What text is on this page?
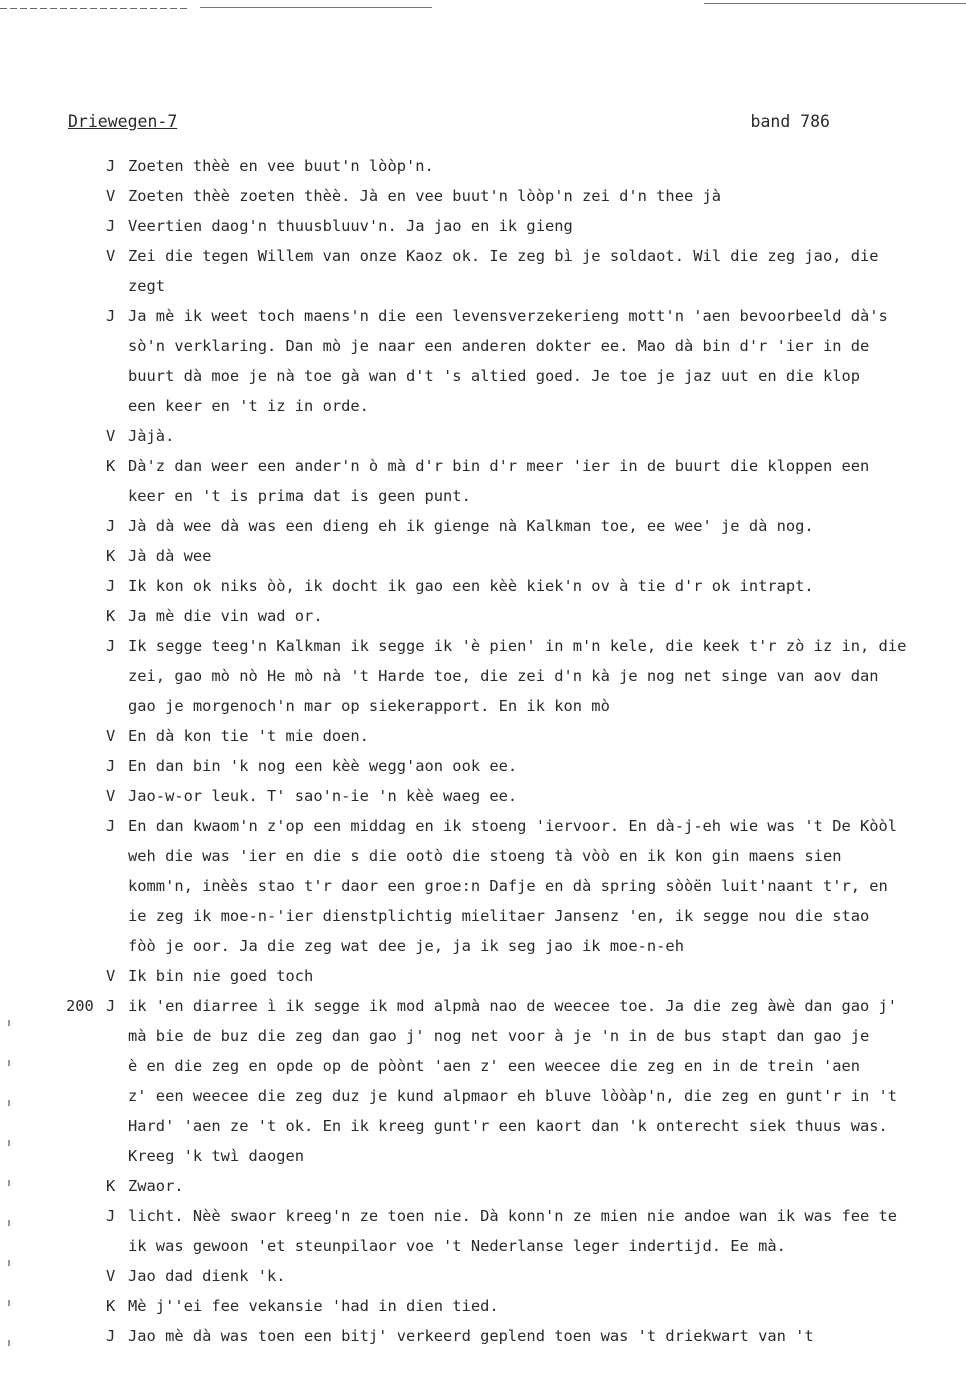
Driewegen-7	band 786
J Zoeten thèè en vee buut'n lòòp'n.
V Zoeten thèè zoeten thèè. Jà en vee buut'n lòòp'n zei d'n thee jà
J Veertien daog'n thuusbluuv'n. Ja jao en ik gieng
V Zei die tegen Willem van onze Kaoz ok. Ie zeg bì je soldaot. Wil die zeg jao, die
zegt
J Ja mè ik weet toch maens'n die een levensverzekerieng mott'n 'aen bevoorbeeld dà's
sò'n verklaring. Dan mò je naar een anderen dokter ee. Mao dà bin d'r 'ier in de
buurt dà moe je nà toe gà wan d't 's altied goed. Je toe je jaz uut en die klop
een keer en 't iz in orde.
V Jàjà.
K Dà'z dan weer een ander'n ò mà d'r bin d'r meer 'ier in de buurt die kloppen een
keer en 't is prima dat is geen punt.
J Jà dà wee dà was een dieng eh ik gienge nà Kalkman toe, ee wee' je dà nog.
K Jà dà wee
J Ik kon ok niks òò, ik docht ik gao een kèè kiek'n ov à tie d'r ok intrapt.
K Ja mè die vin wad or.
J Ik segge teeg'n Kalkman ik segge ik 'è pien' in m'n kele, die keek t'r zò iz in, die
zei, gao mò nò He mò nà 't Harde toe, die zei d'n kà je nog net singe van aov dan
gao je morgenoch'n mar op siekerapport. En ik kon mò
V En dà kon tie 't mie doen.
J En dan bin 'k nog een kèè wegg'aon ook ee.
V Jao-w-or leuk. T' sao'n-ie 'n kèè waeg ee.
J En dan kwaom'n z'op een middag en ik stoeng 'iervoor. En dà-j-eh wie was 't De Kòòl
weh die was 'ier en die s die ootò die stoeng tà vòò en ik kon gin maens sien
komm'n, inèès stao t'r daor een groe:n Dafje en dà spring sòòën luit'naant t'r, en
ie zeg ik moe-n-'ier dienstplichtig mielitaer Jansenz 'en, ik segge nou die stao
fòò je oor. Ja die zeg wat dee je, ja ik seg jao ik moe-n-eh
V Ik bin nie goed toch
200 J ik 'en diarree ì ik segge ik mod alpmà nao de weecee toe. Ja die zeg àwè dan gao j'
mà bie de buz die zeg dan gao j' nog net voor à je 'n in de bus stapt dan gao je
è en die zeg en opde op de pòònt 'aen z' een weecee die zeg en in de trein 'aen
z' een weecee die zeg duz je kund alpmaor eh bluve lòòàp'n, die zeg en gunt'r in 't
Hard' 'aen ze 't ok. En ik kreeg gunt'r een kaort dan 'k onterecht siek thuus was.
Kreeg 'k twì daogen
K Zwaor.
J licht. Nèè swaor kreeg'n ze toen nie. Dà konn'n ze mien nie andoe wan ik was fee te
ik was gewoon 'et steunpilaor voe 't Nederlanse leger indertijd. Ee mà.
V Jao dad dienk 'k.
K Mè j''ei fee vekansie 'had in dien tied.
J Jao mè dà was toen een bitj' verkeerd geplend toen was 't driekwart van 't
